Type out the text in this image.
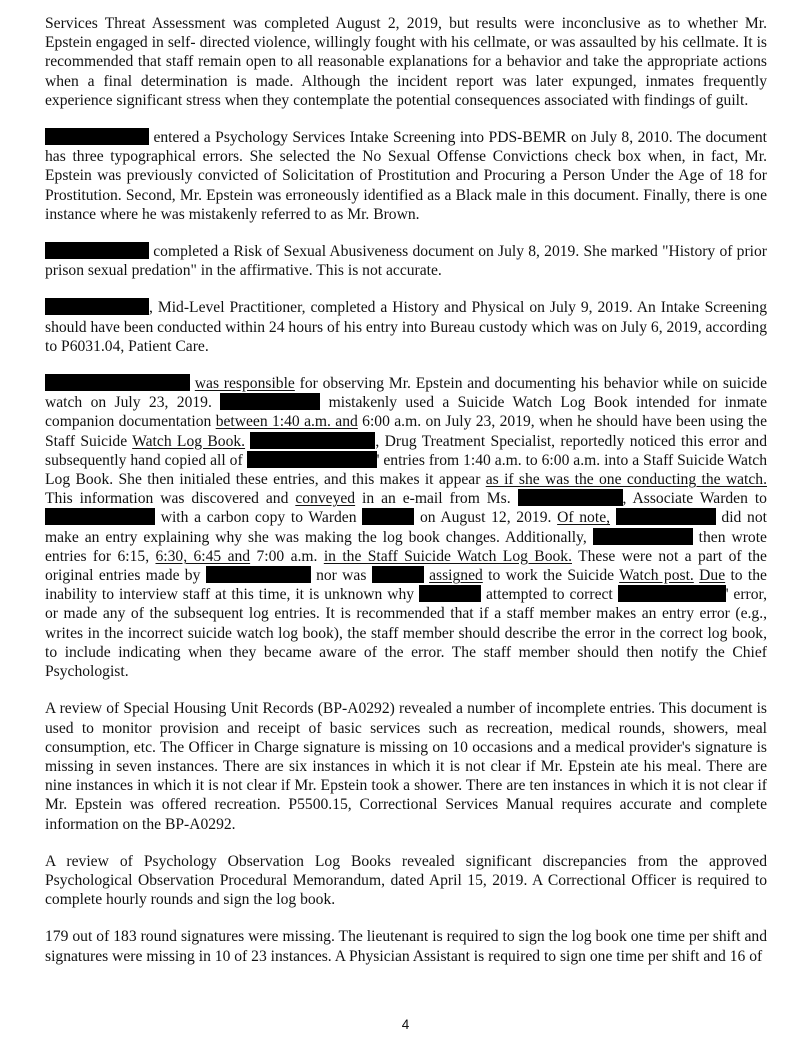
Services Threat Assessment was completed August 2, 2019, but results were inconclusive as to whether Mr. Epstein engaged in self- directed violence, willingly fought with his cellmate, or was assaulted by his cellmate. It is recommended that staff remain open to all reasonable explanations for a behavior and take the appropriate actions when a final determination is made. Although the incident report was later expunged, inmates frequently experience significant stress when they contemplate the potential consequences associated with findings of guilt.

entered a Psychology Services Intake Screening into PDS-BEMR on July 8, 2010. The document has three typographical errors. She selected the No Sexual Offense Convictions check box when, in fact, Mr. Epstein was previously convicted of Solicitation of Prostitution and Procuring a Person Under the Age of 18 for Prostitution. Second, Mr. Epstein was erroneously identified as a Black male in this document. Finally, there is one instance where he was mistakenly referred to as Mr. Brown.

completed a Risk of Sexual Abusiveness document on July 8, 2019. She marked "History of prior prison sexual predation" in the affirmative. This is not accurate.

, Mid-Level Practitioner, completed a History and Physical on July 9, 2019. An Intake Screening should have been conducted within 24 hours of his entry into Bureau custody which was on July 6, 2019, according to P6031.04, Patient Care.

was responsible for observing Mr. Epstein and documenting his behavior while on suicide watch on July 23, 2019.	mistakenly used a Suicide Watch Log Book intended for inmate companion documentation between 1:40 a.m. and 6:00 a.m. on July 23, 2019, when he should have been using the Staff Suicide Watch Log Book.	, Drug Treatment Specialist, reportedly noticed this error and subsequently hand copied all of	' entries from 1:40 a.m. to 6:00 a.m. into a Staff Suicide Watch Log Book. She then initialed these entries, and this makes it appear as if she was the one conducting the watch. This information was discovered and conveyed in an e-mail from Ms.	, Associate Warden to  with a carbon copy to Warden	on August 12, 2019. Of note,	did not make an entry explaining why she was making the log book changes. Additionally,	then wrote entries for 6:15, 6:30, 6:45 and 7:00 a.m. in the Staff Suicide Watch Log Book. These were not a part of the original entries made by	nor was	assigned to work the Suicide Watch post. Due to the inability to interview staff at this time, it is unknown why	attempted to correct	' error, or made any of the subsequent log entries. It is recommended that if a staff member makes an entry error (e.g., writes in the incorrect suicide watch log book), the staff member should describe the error in the correct log book, to include indicating when they became aware of the error. The staff member should then notify the Chief Psychologist.

A review of Special Housing Unit Records (BP-A0292) revealed a number of incomplete entries. This document is used to monitor provision and receipt of basic services such as recreation, medical rounds, showers, meal consumption, etc. The Officer in Charge signature is missing on 10 occasions and a medical provider's signature is missing in seven instances. There are six instances in which it is not clear if Mr. Epstein ate his meal. There are nine instances in which it is not clear if Mr. Epstein took a shower. There are ten instances in which it is not clear if Mr. Epstein was offered recreation. P5500.15, Correctional Services Manual requires accurate and complete information on the BP-A0292.

A review of Psychology Observation Log Books revealed significant discrepancies from the approved Psychological Observation Procedural Memorandum, dated April 15, 2019. A Correctional Officer is required to complete hourly rounds and sign the log book.

179 out of 183 round signatures were missing. The lieutenant is required to sign the log book one time per shift and signatures were missing in 10 of 23 instances. A Physician Assistant is required to sign one time per shift and 16 of

4
